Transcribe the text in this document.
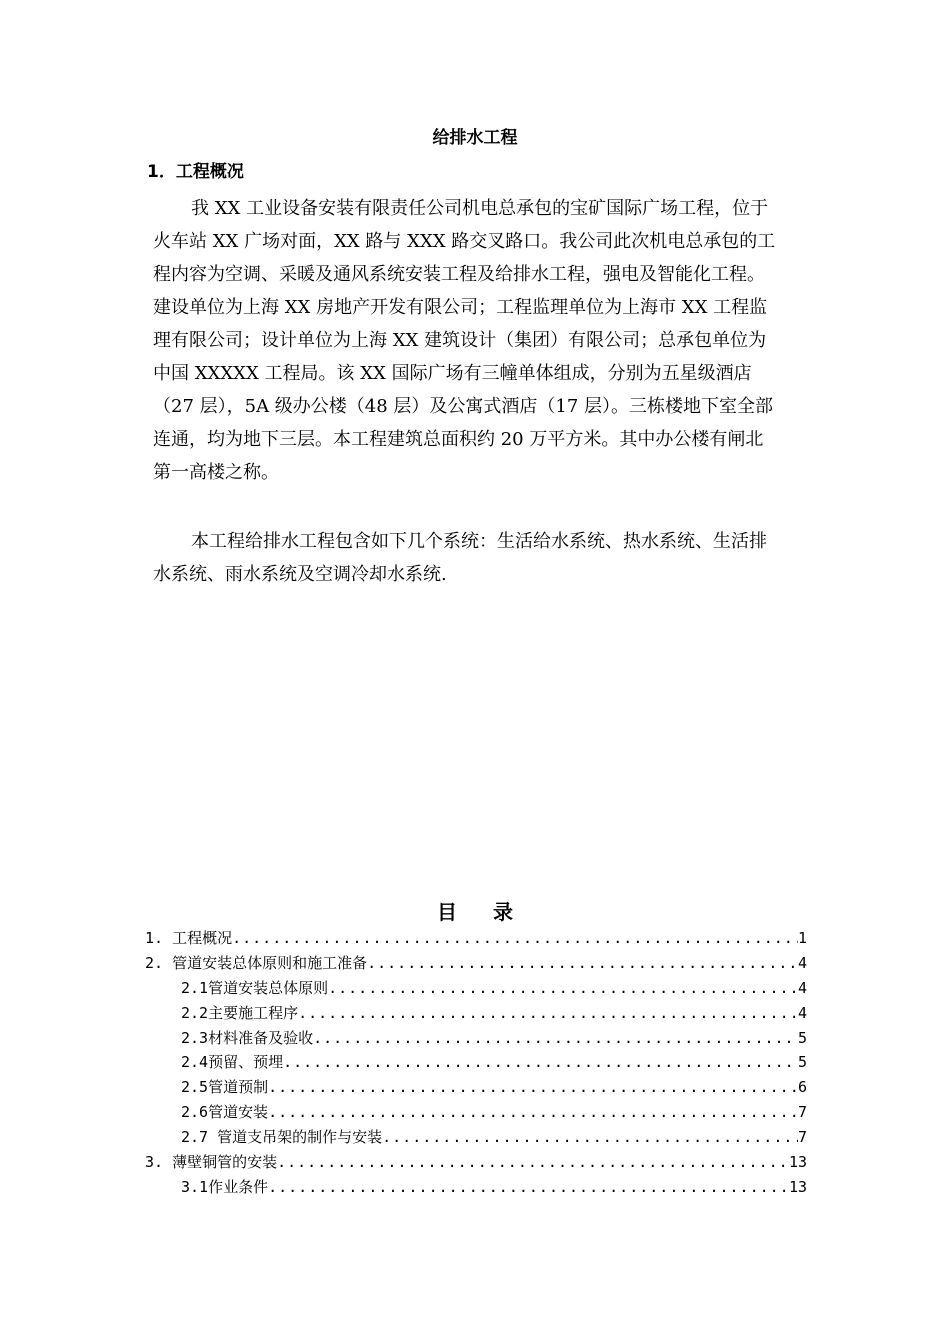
给排水工程
1．工程概况
我 XX 工业设备安装有限责任公司机电总承包的宝矿国际广场工程，位于
火车站 XX 广场对面，XX 路与 XXX 路交叉路口。我公司此次机电总承包的工
程内容为空调、采暖及通风系统安装工程及给排水工程，强电及智能化工程。
建设单位为上海 XX 房地产开发有限公司；工程监理单位为上海市 XX 工程监
理有限公司；设计单位为上海 XX 建筑设计（集团）有限公司；总承包单位为
中国 XXXXX 工程局。该 XX 国际广场有三幢单体组成，分别为五星级酒店
（27 层），5A 级办公楼（48 层）及公寓式酒店（17 层）。三栋楼地下室全部
连通，均为地下三层。本工程建筑总面积约 20 万平方米。其中办公楼有闸北
第一高楼之称。
本工程给排水工程包含如下几个系统：生活给水系统、热水系统、生活排
水系统、雨水系统及空调冷却水系统.
目录
1. 工程概况 .....	1
2. 管道安装总体原则和施工准备 .....	4
2.1管道安装总体原则 .....	4
2.2主要施工程序 .....	4
2.3材料准备及验收 .....	5
2.4预留、预埋 .....	5
2.5管道预制 .....	6
2.6管道安装 .....	7
2.7 管道支吊架的制作与安装 .....	7
3. 薄壁铜管的安装 .....	13
3.1作业条件 .....	13
